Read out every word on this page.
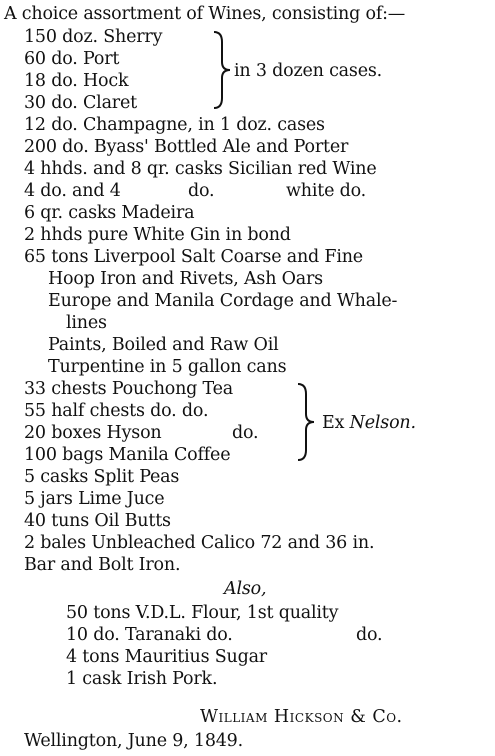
A choice assortment of Wines, consisting of:—
150 doz. Sherry
60 do. Port
18 do. Hock
30 do. Claret
in 3 dozen cases.
12 do. Champagne, in 1 doz. cases
200 do. Byass' Bottled Ale and Porter
4 hhds. and 8 qr. casks Sicilian red Wine
4 do. and 4	do.	white do.
6 qr. casks Madeira
2 hhds pure White Gin in bond
65 tons Liverpool Salt Coarse and Fine
Hoop Iron and Rivets, Ash Oars
Europe and Manila Cordage and Whale-
lines
Paints, Boiled and Raw Oil
Turpentine in 5 gallon cans
33 chests Pouchong Tea
55 half chests do. do.
20 boxes Hyson	do.
100 bags Manila Coffee
Ex Nelson.
5 casks Split Peas
5 jars Lime Juce
40 tuns Oil Butts
2 bales Unbleached Calico 72 and 36 in.
Bar and Bolt Iron.
Also,
50 tons V.D.L. Flour, 1st quality
10 do. Taranaki do.	do.
4 tons Mauritius Sugar
1 cask Irish Pork.
William Hickson & Co.
Wellington, June 9, 1849.
